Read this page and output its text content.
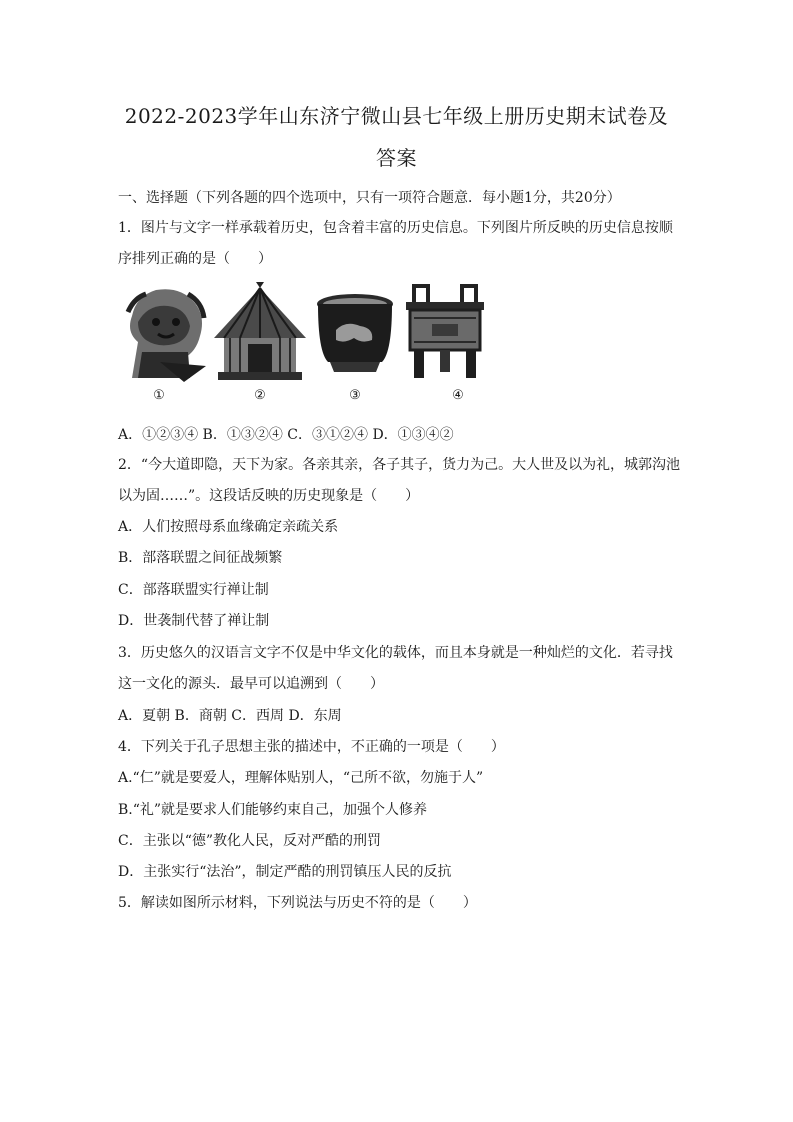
2022-2023学年山东济宁微山县七年级上册历史期末试卷及
答案
一、选择题（下列各题的四个选项中，只有一项符合题意．每小题1分，共20分）
1．图片与文字一样承载着历史，包含着丰富的历史信息。下列图片所反映的历史信息按顺
序排列正确的是（　　）
①	②	③	④
A．①②③④ B．①③②④ C．③①②④ D．①③④②
2．“今大道即隐，天下为家。各亲其亲，各子其子，货力为己。大人世及以为礼，城郭沟池
以为固……”。这段话反映的历史现象是（　　）
A．人们按照母系血缘确定亲疏关系
B．部落联盟之间征战频繁
C．部落联盟实行禅让制
D．世袭制代替了禅让制
3．历史悠久的汉语言文字不仅是中华文化的载体，而且本身就是一种灿烂的文化．若寻找
这一文化的源头．最早可以追溯到（　　）
A．夏朝 B．商朝 C．西周 D．东周
4．下列关于孔子思想主张的描述中，不正确的一项是（　　）
A.“仁”就是要爱人，理解体贴别人，“己所不欲，勿施于人”
B.“礼”就是要求人们能够约束自己，加强个人修养
C．主张以“德”教化人民，反对严酷的刑罚
D．主张实行“法治”，制定严酷的刑罚镇压人民的反抗
5．解读如图所示材料，下列说法与历史不符的是（　　）
